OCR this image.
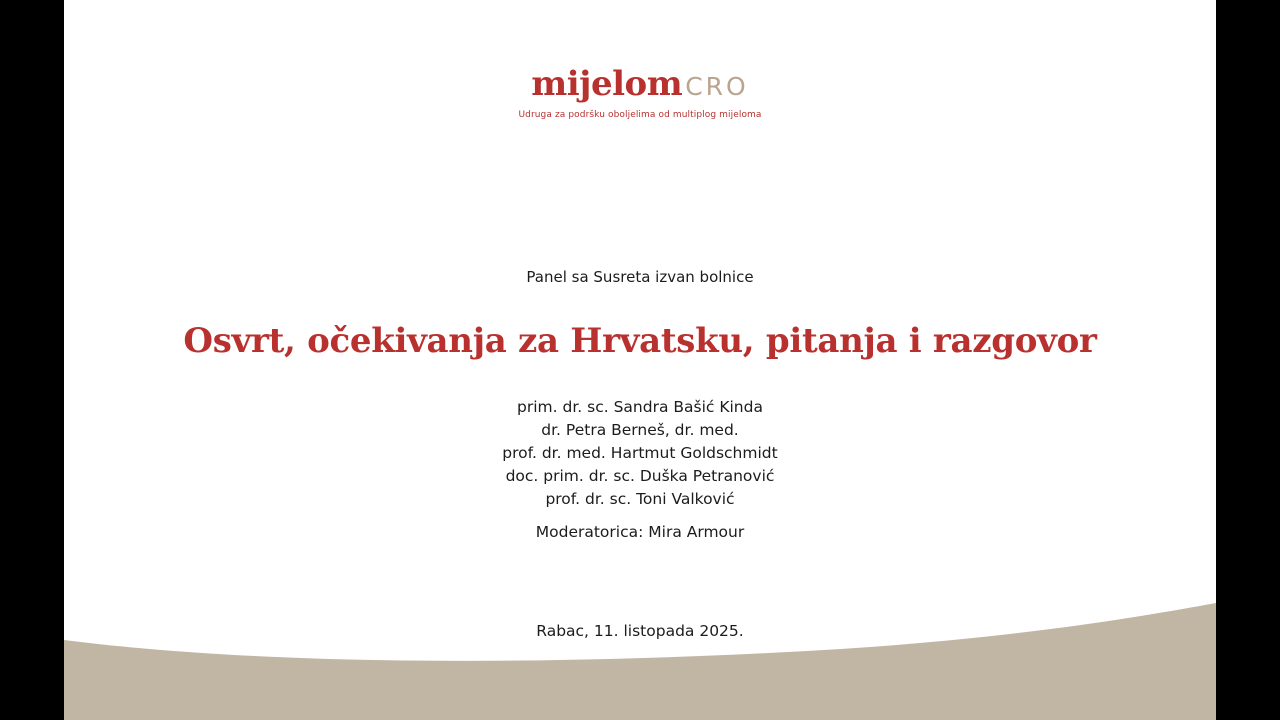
mijelom CRO
Udruga za podršku oboljelima od multiplog mijeloma
Panel sa Susreta izvan bolnice
Osvrt, očekivanja za Hrvatsku, pitanja i razgovor
prim. dr. sc. Sandra Bašić Kinda
dr. Petra Berneš, dr. med.
prof. dr. med. Hartmut Goldschmidt
doc. prim. dr. sc. Duška Petranović
prof. dr. sc. Toni Valković
Moderatorica: Mira Armour
Rabac, 11. listopada 2025.
